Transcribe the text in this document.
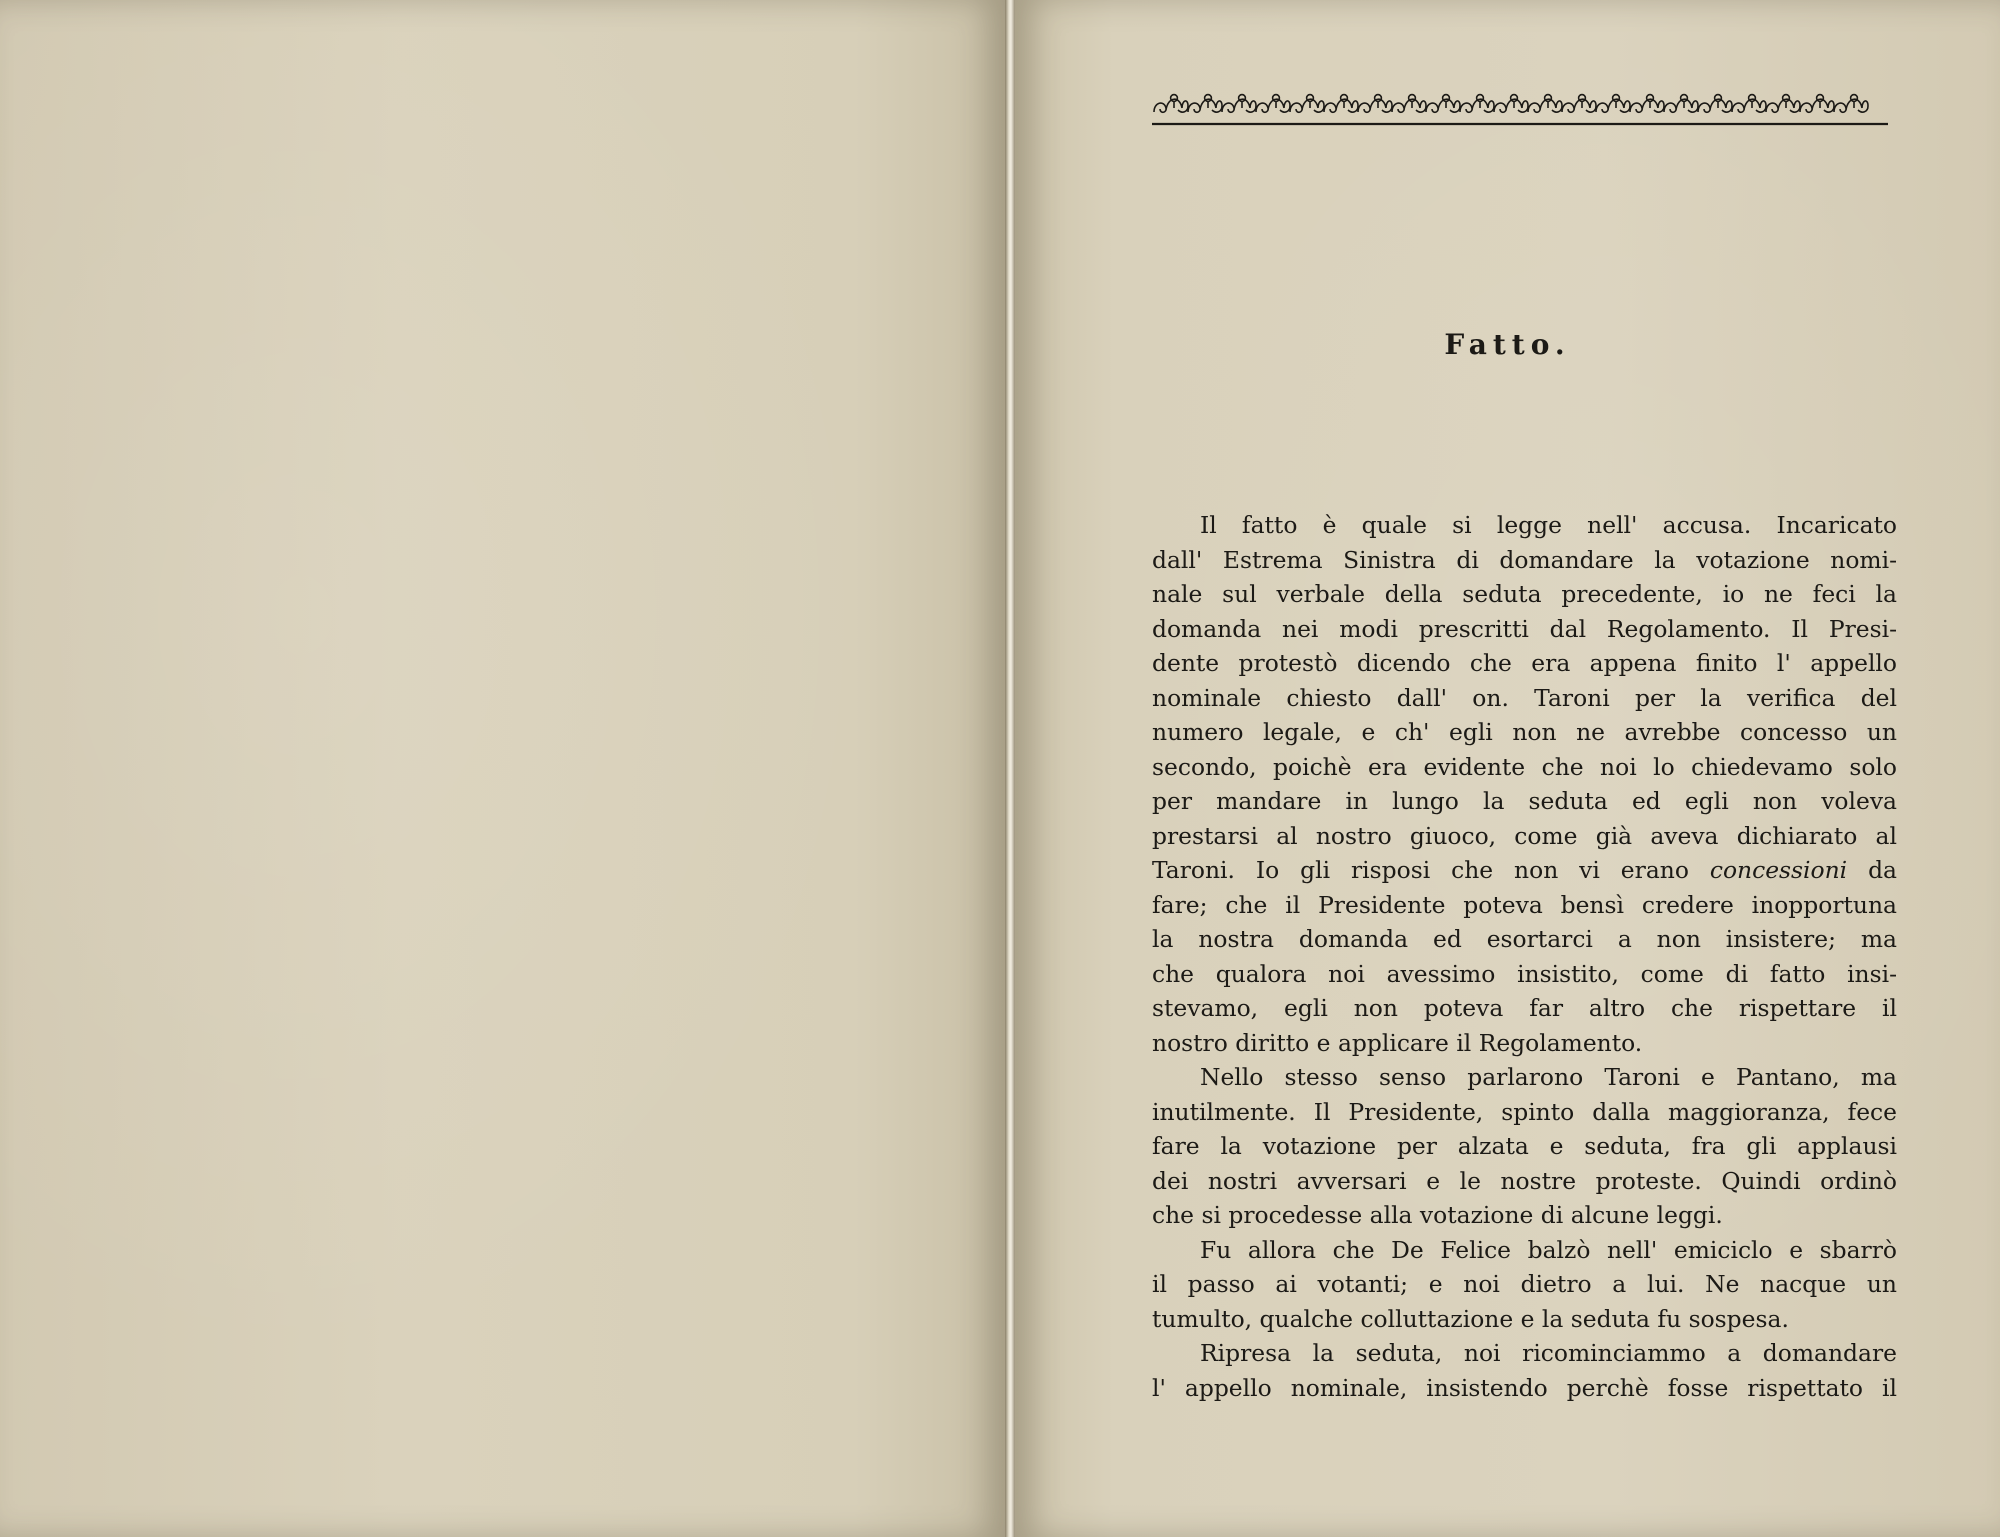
Fatto.
Il fatto è quale si legge nell' accusa. Incaricato
dall' Estrema Sinistra di domandare la votazione nomi-
nale sul verbale della seduta precedente, io ne feci la
domanda nei modi prescritti dal Regolamento. Il Presi-
dente protestò dicendo che era appena finito l' appello
nominale chiesto dall' on. Taroni per la verifica del
numero legale, e ch' egli non ne avrebbe concesso un
secondo, poichè era evidente che noi lo chiedevamo solo
per mandare in lungo la seduta ed egli non voleva
prestarsi al nostro giuoco, come già aveva dichiarato al
Taroni. Io gli risposi che non vi erano concessioni da
fare; che il Presidente poteva bensì credere inopportuna
la nostra domanda ed esortarci a non insistere; ma
che qualora noi avessimo insistito, come di fatto insi-
stevamo, egli non poteva far altro che rispettare il
nostro diritto e applicare il Regolamento.
Nello stesso senso parlarono Taroni e Pantano, ma
inutilmente. Il Presidente, spinto dalla maggioranza, fece
fare la votazione per alzata e seduta, fra gli applausi
dei nostri avversari e le nostre proteste. Quindi ordinò
che si procedesse alla votazione di alcune leggi.
Fu allora che De Felice balzò nell' emiciclo e sbarrò
il passo ai votanti; e noi dietro a lui. Ne nacque un
tumulto, qualche colluttazione e la seduta fu sospesa.
Ripresa la seduta, noi ricominciammo a domandare
l' appello nominale, insistendo perchè fosse rispettato il
